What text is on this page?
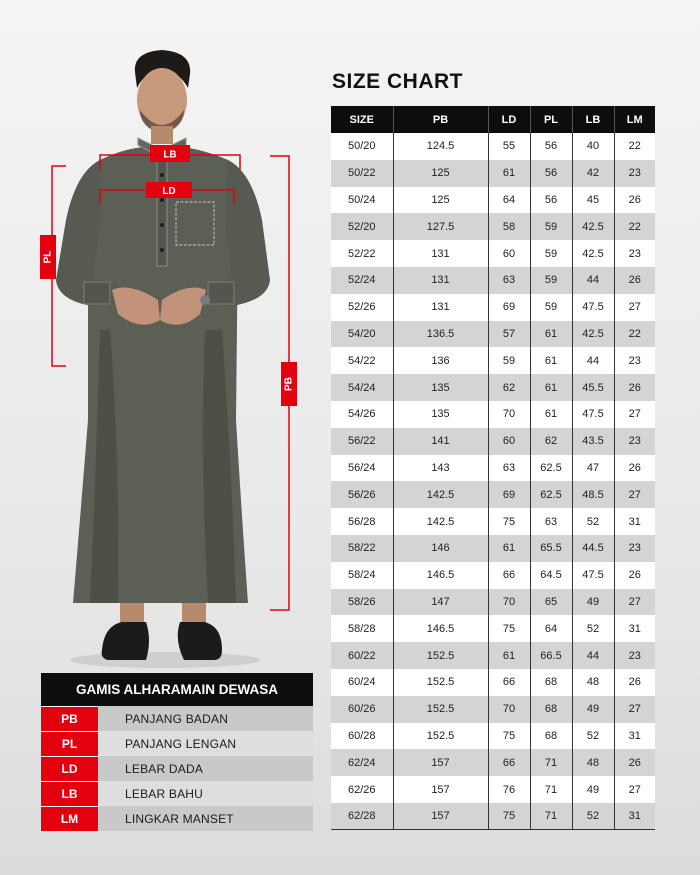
LB
LD
PL
PB
SIZE CHART
SIZE	PB	LD	PL	LB	LM
50/20	124.5	55	56	40	22
50/22	125	61	56	42	23
50/24	125	64	56	45	26
52/20	127.5	58	59	42.5	22
52/22	131	60	59	42.5	23
52/24	131	63	59	44	26
52/26	131	69	59	47.5	27
54/20	136.5	57	61	42.5	22
54/22	136	59	61	44	23
54/24	135	62	61	45.5	26
54/26	135	70	61	47.5	27
56/22	141	60	62	43.5	23
56/24	143	63	62.5	47	26
56/26	142.5	69	62.5	48.5	27
56/28	142.5	75	63	52	31
58/22	146	61	65.5	44.5	23
58/24	146.5	66	64.5	47.5	26
58/26	147	70	65	49	27
58/28	146.5	75	64	52	31
60/22	152.5	61	66.5	44	23
60/24	152.5	66	68	48	26
60/26	152.5	70	68	49	27
60/28	152.5	75	68	52	31
62/24	157	66	71	48	26
62/26	157	76	71	49	27
62/28	157	75	71	52	31
GAMIS ALHARAMAIN DEWASA
PB	PANJANG BADAN
PL	PANJANG LENGAN
LD	LEBAR DADA
LB	LEBAR BAHU
LM	LINGKAR MANSET
